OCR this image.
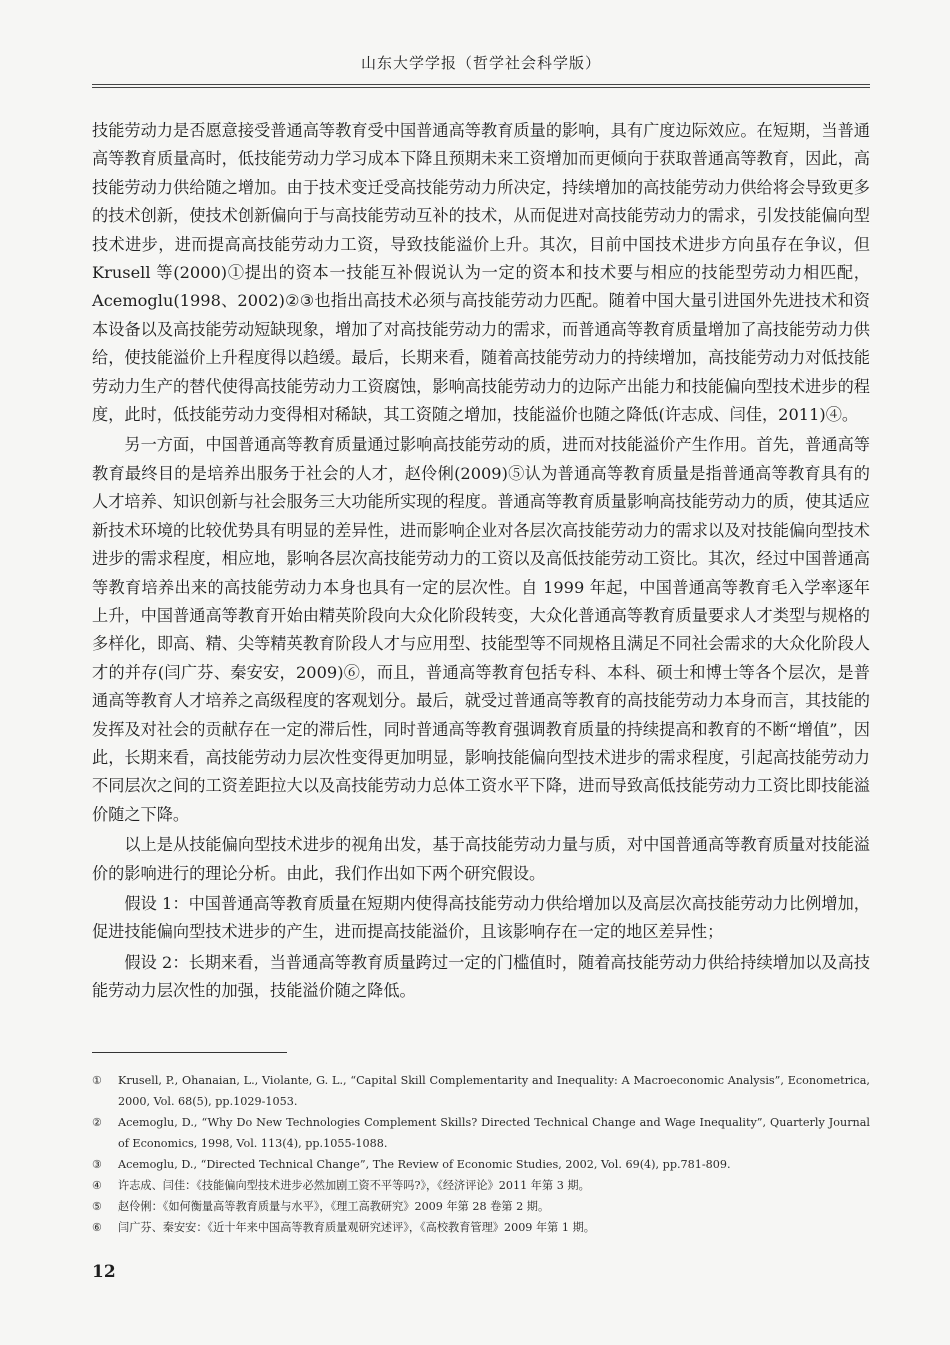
山东大学学报（哲学社会科学版）

技能劳动力是否愿意接受普通高等教育受中国普通高等教育质量的影响，具有广度边际效应。在短期，当普通高等教育质量高时，低技能劳动力学习成本下降且预期未来工资增加而更倾向于获取普通高等教育，因此，高技能劳动力供给随之增加。由于技术变迁受高技能劳动力所决定，持续增加的高技能劳动力供给将会导致更多的技术创新，使技术创新偏向于与高技能劳动互补的技术，从而促进对高技能劳动力的需求，引发技能偏向型技术进步，进而提高高技能劳动力工资，导致技能溢价上升。其次，目前中国技术进步方向虽存在争议，但 Krusell 等(2000)①提出的资本一技能互补假说认为一定的资本和技术要与相应的技能型劳动力相匹配，Acemoglu(1998、2002)②③也指出高技术必须与高技能劳动力匹配。随着中国大量引进国外先进技术和资本设备以及高技能劳动短缺现象，增加了对高技能劳动力的需求，而普通高等教育质量增加了高技能劳动力供给，使技能溢价上升程度得以趋缓。最后，长期来看，随着高技能劳动力的持续增加，高技能劳动力对低技能劳动力生产的替代使得高技能劳动力工资腐蚀，影响高技能劳动力的边际产出能力和技能偏向型技术进步的程度，此时，低技能劳动力变得相对稀缺，其工资随之增加，技能溢价也随之降低(许志成、闫佳，2011)④。

另一方面，中国普通高等教育质量通过影响高技能劳动的质，进而对技能溢价产生作用。首先，普通高等教育最终目的是培养出服务于社会的人才，赵伶俐(2009)⑤认为普通高等教育质量是指普通高等教育具有的人才培养、知识创新与社会服务三大功能所实现的程度。普通高等教育质量影响高技能劳动力的质，使其适应新技术环境的比较优势具有明显的差异性，进而影响企业对各层次高技能劳动力的需求以及对技能偏向型技术进步的需求程度，相应地，影响各层次高技能劳动力的工资以及高低技能劳动工资比。其次，经过中国普通高等教育培养出来的高技能劳动力本身也具有一定的层次性。自 1999 年起，中国普通高等教育毛入学率逐年上升，中国普通高等教育开始由精英阶段向大众化阶段转变，大众化普通高等教育质量要求人才类型与规格的多样化，即高、精、尖等精英教育阶段人才与应用型、技能型等不同规格且满足不同社会需求的大众化阶段人才的并存(闫广芬、秦安安，2009)⑥，而且，普通高等教育包括专科、本科、硕士和博士等各个层次，是普通高等教育人才培养之高级程度的客观划分。最后，就受过普通高等教育的高技能劳动力本身而言，其技能的发挥及对社会的贡献存在一定的滞后性，同时普通高等教育强调教育质量的持续提高和教育的不断“增值”，因此，长期来看，高技能劳动力层次性变得更加明显，影响技能偏向型技术进步的需求程度，引起高技能劳动力不同层次之间的工资差距拉大以及高技能劳动力总体工资水平下降，进而导致高低技能劳动力工资比即技能溢价随之下降。

以上是从技能偏向型技术进步的视角出发，基于高技能劳动力量与质，对中国普通高等教育质量对技能溢价的影响进行的理论分析。由此，我们作出如下两个研究假设。

假设 1：中国普通高等教育质量在短期内使得高技能劳动力供给增加以及高层次高技能劳动力比例增加，促进技能偏向型技术进步的产生，进而提高技能溢价，且该影响存在一定的地区差异性；

假设 2：长期来看，当普通高等教育质量跨过一定的门槛值时，随着高技能劳动力供给持续增加以及高技能劳动力层次性的加强，技能溢价随之降低。

①	Krusell, P., Ohanaian, L., Violante, G. L., “Capital Skill Complementarity and Inequality: A Macroeconomic Analysis”, Econometrica, 2000, Vol. 68(5), pp.1029-1053.
②	Acemoglu, D., “Why Do New Technologies Complement Skills? Directed Technical Change and Wage Inequality”, Quarterly Journal of Economics, 1998, Vol. 113(4), pp.1055-1088.
③	Acemoglu, D., “Directed Technical Change”, The Review of Economic Studies, 2002, Vol. 69(4), pp.781-809.
④	许志成、闫佳：《技能偏向型技术进步必然加剧工资不平等吗?》，《经济评论》2011 年第 3 期。
⑤	赵伶俐：《如何衡量高等教育质量与水平》，《理工高教研究》2009 年第 28 卷第 2 期。
⑥	闫广芬、秦安安：《近十年来中国高等教育质量观研究述评》，《高校教育管理》2009 年第 1 期。
12
